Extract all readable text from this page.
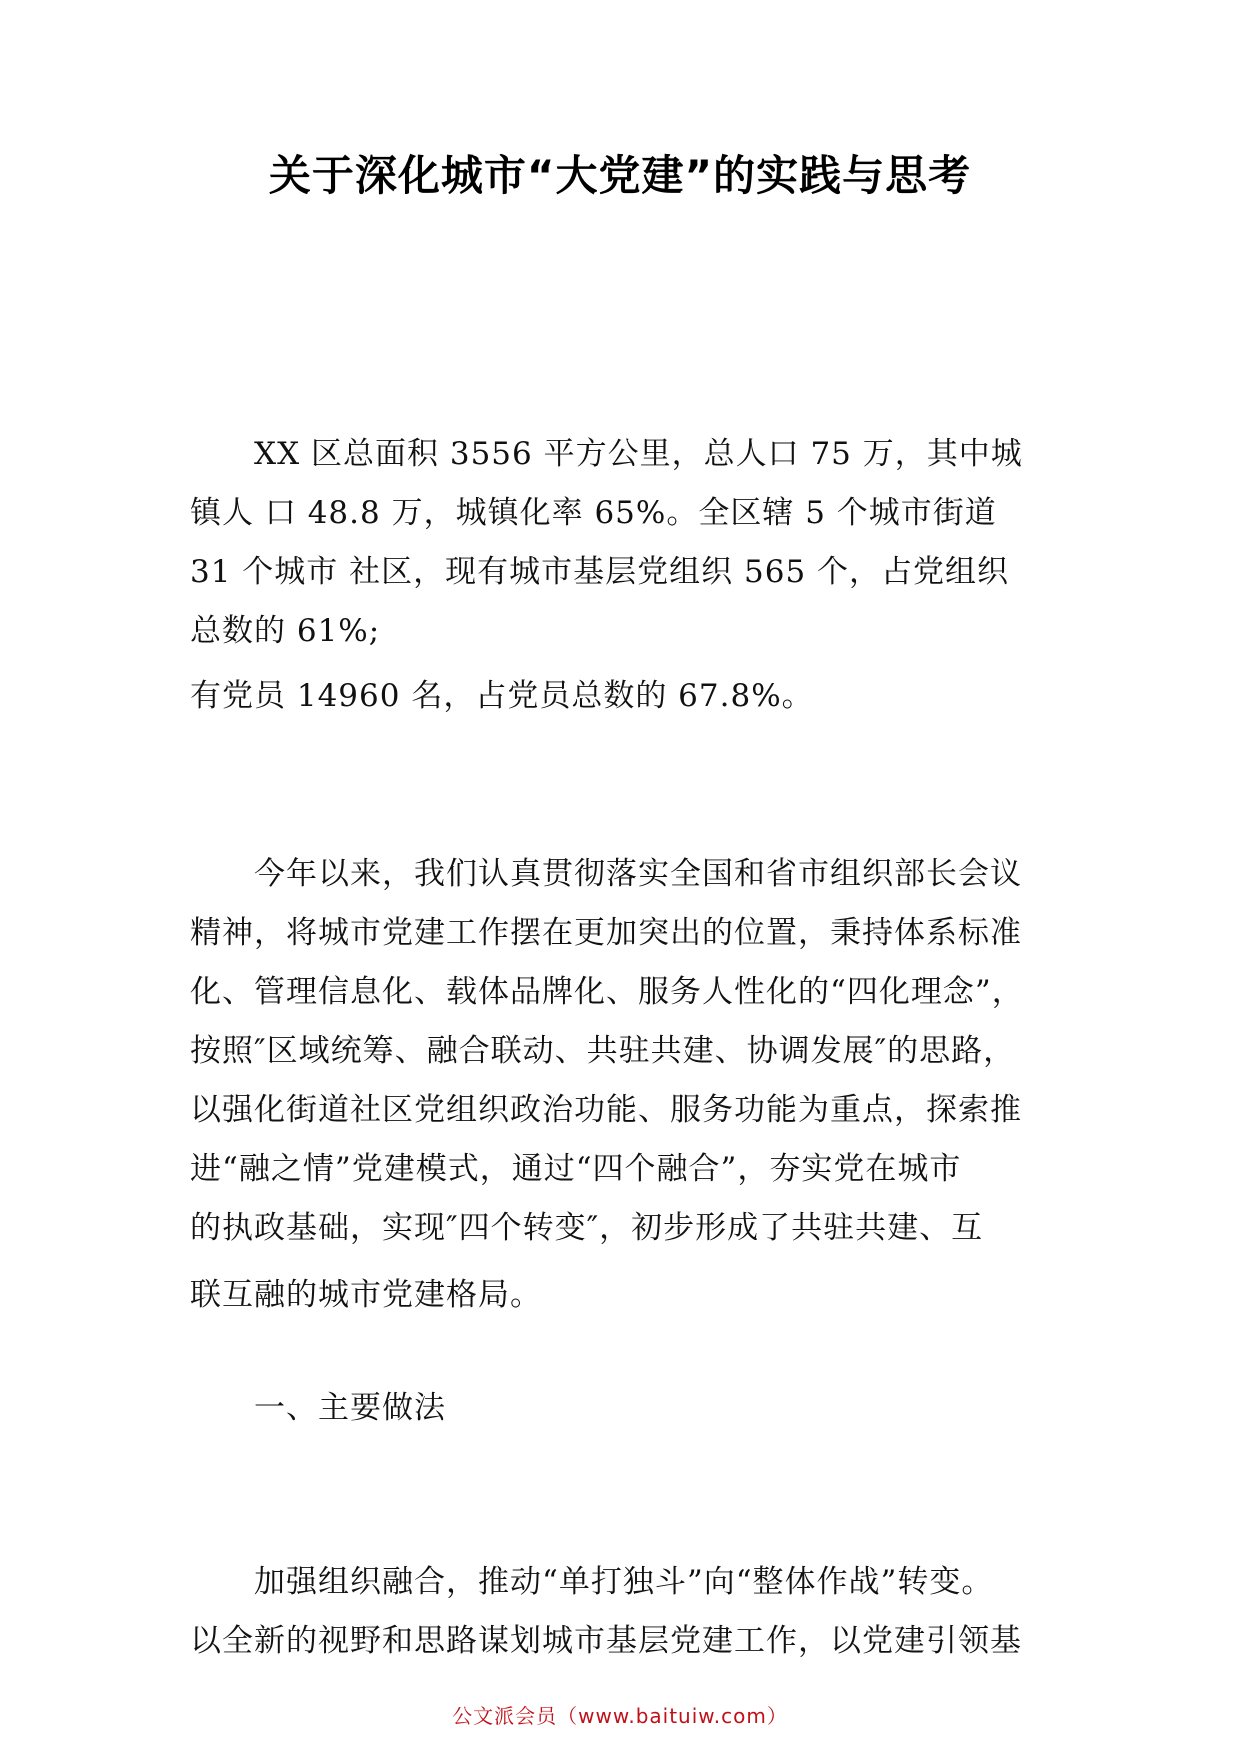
关于深化城市“大党建”的实践与思考
XX 区总面积 3556 平方公里，总人口 75 万，其中城
镇人 口 48.8 万，城镇化率 65%。全区辖 5 个城市街道
31 个城市 社区，现有城市基层党组织 565 个，占党组织
总数的 61%;
有党员 14960 名，占党员总数的 67.8%。
今年以来，我们认真贯彻落实全国和省市组织部长会议
精神，将城市党建工作摆在更加突出的位置，秉持体系标准
化、管理信息化、载体品牌化、服务人性化的“四化理念”，
按照″区域统筹、融合联动、共驻共建、协调发展″的思路，
以强化街道社区党组织政治功能、服务功能为重点，探索推
进“融之情”党建模式，通过“四个融合”，夯实党在城市
的执政基础，实现″四个转变″，初步形成了共驻共建、互
联互融的城市党建格局。
一、主要做法
加强组织融合，推动“单打独斗”向“整体作战”转变。
以全新的视野和思路谋划城市基层党建工作，以党建引领基
公文派会员（www.baituiw.com）
